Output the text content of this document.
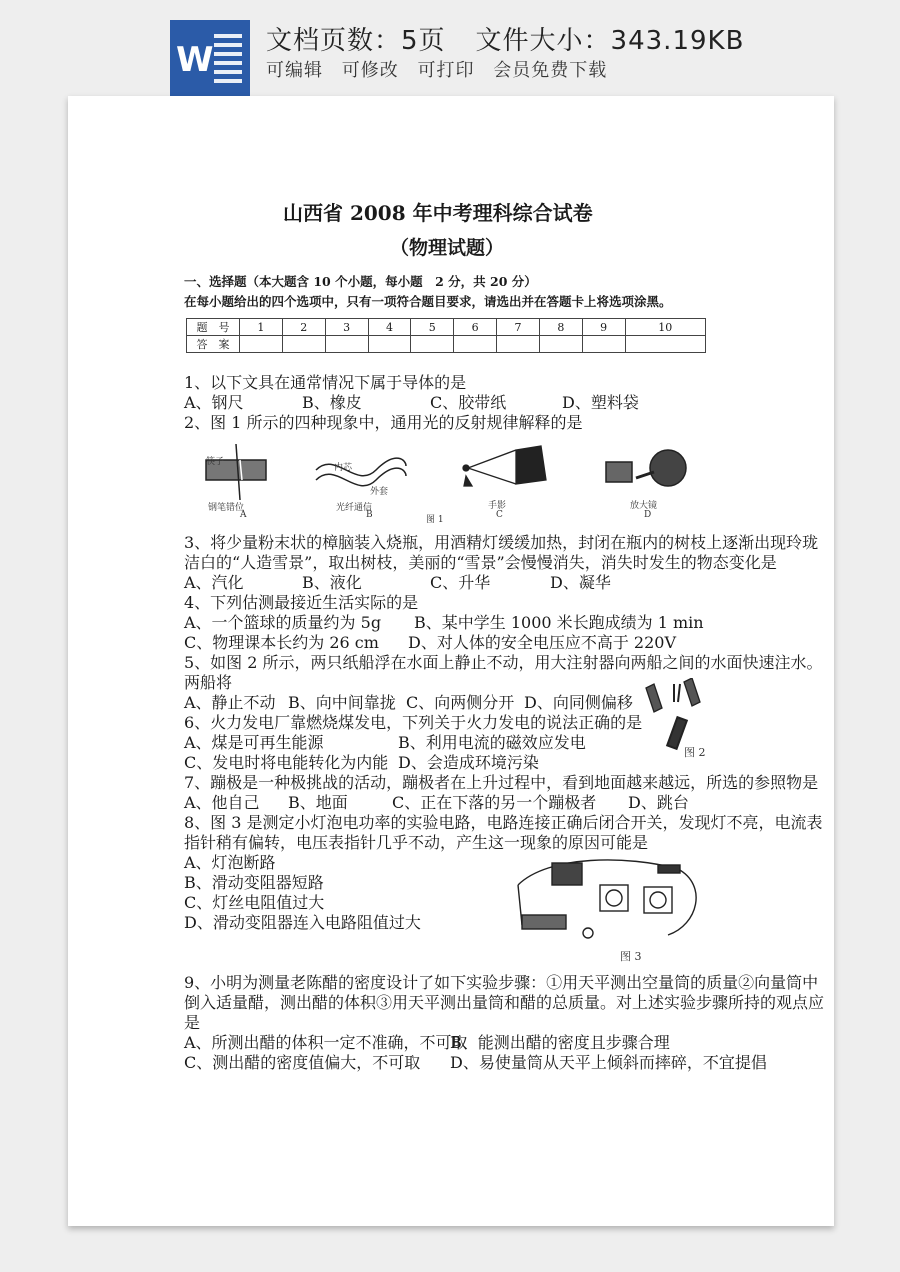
W 文档页数：5页 文件大小：343.19KB
可编辑 可修改 可打印 会员免费下载
山西省 2008 年中考理科综合试卷
（物理试题）
一、选择题（本大题含 10 个小题，每小题　2 分，共 20 分）
在每小题给出的四个选项中，只有一项符合题目要求，请选出并在答题卡上将选项涂黑。
题　号	1	2	3	4	5	6	7	8	9	10
答　案										
1、以下文具在通常情况下属于导体的是
A、钢尺	B、橡皮	C、胶带纸	D、塑料袋
2、图 1 所示的四种现象中，通用光的反射规律解释的是
筷子
钢笔错位
内芯
外套
光纤通信	手影	放大镜
A	B	图 1	C	D
3、将少量粉末状的樟脑装入烧瓶，用酒精灯缓缓加热，封闭在瓶内的树枝上逐渐出现玲珑
洁白的“人造雪景”，取出树枝，美丽的“雪景”会慢慢消失，消失时发生的物态变化是
A、汽化	B、液化	C、升华	D、凝华
4、下列估测最接近生活实际的是
A、一个篮球的质量约为 5g B、某中学生 1000 米长跑成绩为 1 min
C、物理课本长约为 26 cm D、对人体的安全电压应不高于 220V
5、如图 2 所示，两只纸船浮在水面上静止不动，用大注射器向两船之间的水面快速注水。
两船将
A、静止不动 B、向中间靠拢 C、向两侧分开 D、向同侧偏移
图 2
6、火力发电厂靠燃烧煤发电，下列关于火力发电的说法正确的是
A、煤是可再生能源	B、利用电流的磁效应发电
C、发电时将电能转化为内能 D、会造成环境污染
7、蹦极是一种极挑战的活动，蹦极者在上升过程中，看到地面越来越远，所选的参照物是
A、他自己 B、地面	C、正在下落的另一个蹦极者 D、跳台
8、图 3 是测定小灯泡电功率的实验电路，电路连接正确后闭合开关，发现灯不亮，电流表
指针稍有偏转，电压表指针几乎不动，产生这一现象的原因可能是
A、灯泡断路
B、滑动变阻器短路
C、灯丝电阻值过大
D、滑动变阻器连入电路阻值过大
图 3
9、小明为测量老陈醋的密度设计了如下实验步骤：①用天平测出空量筒的质量②向量筒中
倒入适量醋，测出醋的体积③用天平测出量筒和醋的总质量。对上述实验步骤所持的观点应
是
A、所测出醋的体积一定不准确，不可取
B、能测出醋的密度且步骤合理
C、测出醋的密度值偏大，不可取 D、易使量筒从天平上倾斜而摔碎，不宜提倡
